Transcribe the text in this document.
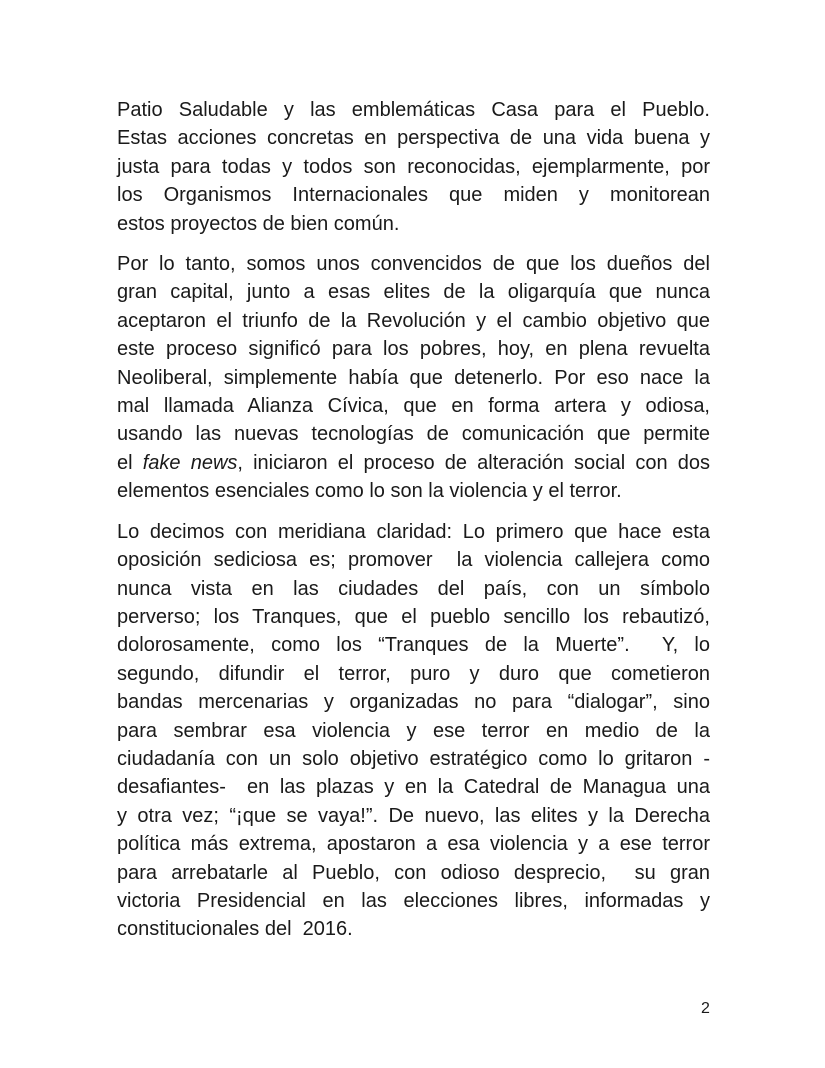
Patio Saludable y las emblemáticas Casa para el Pueblo.
Estas acciones concretas en perspectiva de una vida buena y
justa para todas y todos son reconocidas, ejemplarmente, por
los Organismos Internacionales que miden y monitorean
estos proyectos de bien común.

Por lo tanto, somos unos convencidos de que los dueños del
gran capital, junto a esas elites de la oligarquía que nunca
aceptaron el triunfo de la Revolución y el cambio objetivo que
este proceso significó para los pobres, hoy, en plena revuelta
Neoliberal, simplemente había que detenerlo. Por eso nace la
mal llamada Alianza Cívica, que en forma artera y odiosa,
usando las nuevas tecnologías de comunicación que permite
el fake news, iniciaron el proceso de alteración social con dos
elementos esenciales como lo son la violencia y el terror.

Lo decimos con meridiana claridad: Lo primero que hace esta
oposición sediciosa es; promover  la violencia callejera como
nunca vista en las ciudades del país, con un símbolo
perverso; los Tranques, que el pueblo sencillo los rebautizó,
dolorosamente, como los “Tranques de la Muerte”.  Y, lo
segundo, difundir el terror, puro y duro que cometieron
bandas mercenarias y organizadas no para “dialogar”, sino
para sembrar esa violencia y ese terror en medio de la
ciudadanía con un solo objetivo estratégico como lo gritaron -
desafiantes-  en las plazas y en la Catedral de Managua una
y otra vez; “¡que se vaya!”. De nuevo, las elites y la Derecha
política más extrema, apostaron a esa violencia y a ese terror
para arrebatarle al Pueblo, con odioso desprecio,  su gran
victoria Presidencial en las elecciones libres, informadas y
constitucionales del  2016.

2
